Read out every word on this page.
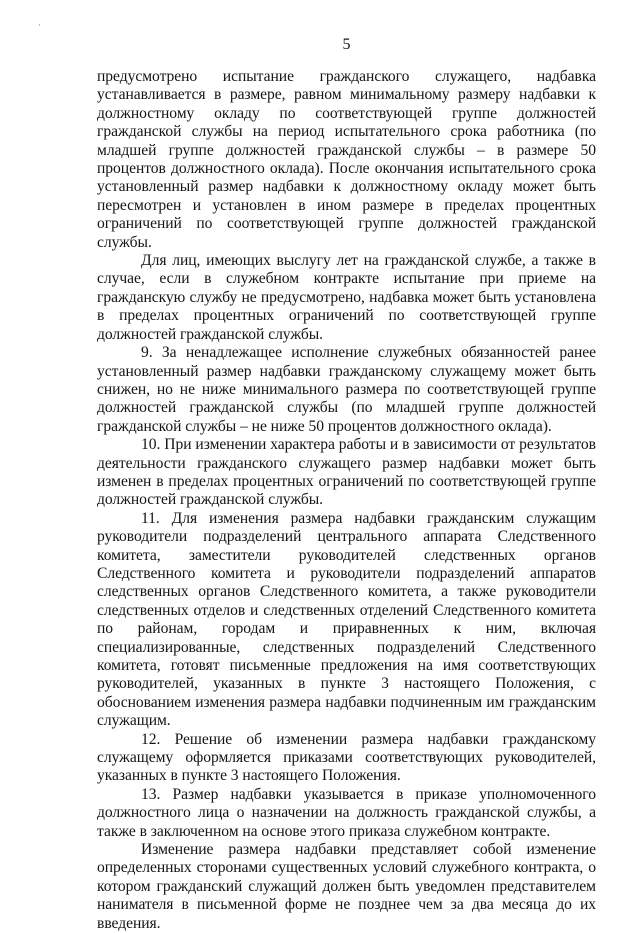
·
5

предусмотрено испытание гражданского служащего, надбавка устанавливается в размере, равном минимальному размеру надбавки к должностному окладу по соответствующей группе должностей гражданской службы на период испытательного срока работника (по младшей группе должностей гражданской службы – в размере 50 процентов должностного оклада). После окончания испытательного срока установленный размер надбавки к должностному окладу может быть пересмотрен и установлен в ином размере в пределах процентных ограничений по соответствующей группе должностей гражданской службы.

Для лиц, имеющих выслугу лет на гражданской службе, а также в случае, если в служебном контракте испытание при приеме на гражданскую службу не предусмотрено, надбавка может быть установлена в пределах процентных ограничений по соответствующей группе должностей гражданской службы.

9. За ненадлежащее исполнение служебных обязанностей ранее установленный размер надбавки гражданскому служащему может быть снижен, но не ниже минимального размера по соответствующей группе должностей гражданской службы (по младшей группе должностей гражданской службы – не ниже 50 процентов должностного оклада).

10. При изменении характера работы и в зависимости от результатов деятельности гражданского служащего размер надбавки может быть изменен в пределах процентных ограничений по соответствующей группе должностей гражданской службы.

11. Для изменения размера надбавки гражданским служащим руководители подразделений центрального аппарата Следственного комитета, заместители руководителей следственных органов Следственного комитета и руководители подразделений аппаратов следственных органов Следственного комитета, а также руководители следственных отделов и следственных отделений Следственного комитета по районам, городам и приравненных к ним, включая специализированные, следственных подразделений Следственного комитета, готовят письменные предложения на имя соответствующих руководителей, указанных в пункте 3 настоящего Положения, с обоснованием изменения размера надбавки подчиненным им гражданским служащим.

12. Решение об изменении размера надбавки гражданскому служащему оформляется приказами соответствующих руководителей, указанных в пункте 3 настоящего Положения.

13. Размер надбавки указывается в приказе уполномоченного должностного лица о назначении на должность гражданской службы, а также в заключенном на основе этого приказа служебном контракте.

Изменение размера надбавки представляет собой изменение определенных сторонами существенных условий служебного контракта, о котором гражданский служащий должен быть уведомлен представителем нанимателя в письменной форме не позднее чем за два месяца до их введения.
